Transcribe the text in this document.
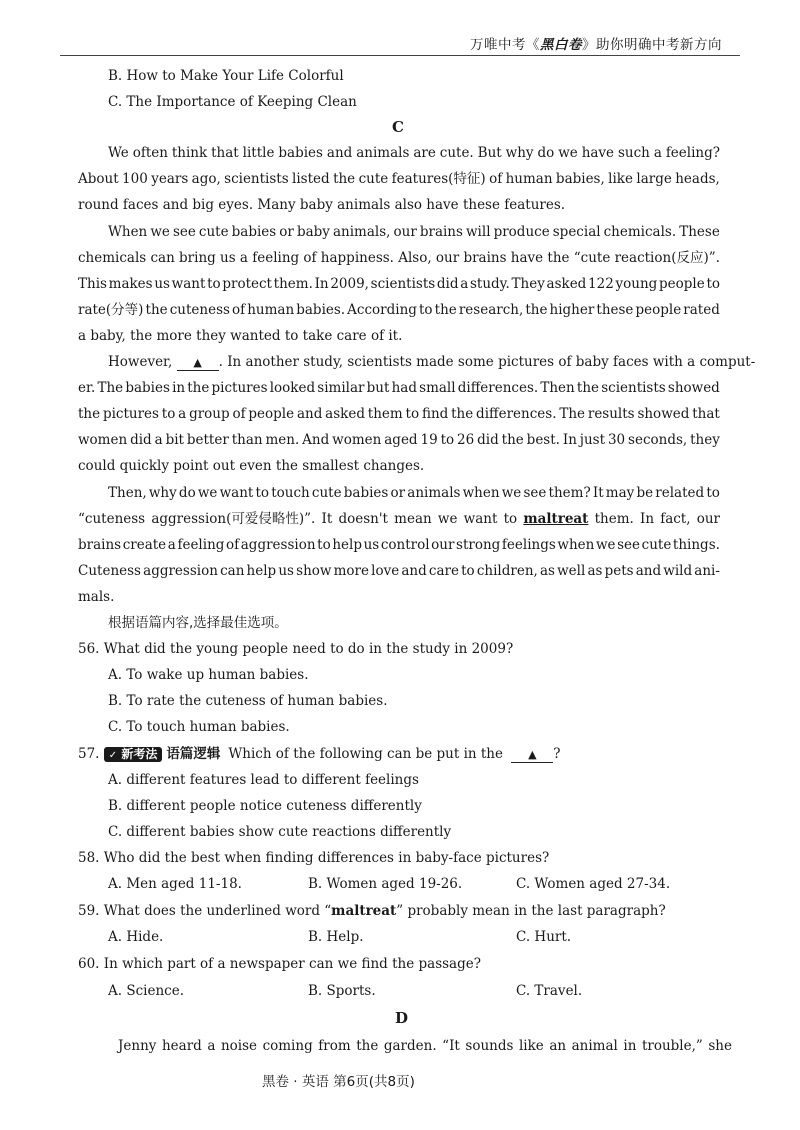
万唯中考《黑白卷》助你明确中考新方向
B. How to Make Your Life Colorful
C. The Importance of Keeping Clean
C
We often think that little babies and animals are cute. But why do we have such a feeling?
About 100 years ago, scientists listed the cute features(特征) of human babies, like large heads,
round faces and big eyes. Many baby animals also have these features.
When we see cute babies or baby animals, our brains will produce special chemicals. These
chemicals can bring us a feeling of happiness. Also, our brains have the “cute reaction(反应)”.
This makes us want to protect them. In 2009, scientists did a study. They asked 122 young people to
rate(分等) the cuteness of human babies. According to the research, the higher these people rated
a baby, the more they wanted to take care of it.
However, ▲ . In another study, scientists made some pictures of baby faces with a comput-
er. The babies in the pictures looked similar but had small differences. Then the scientists showed
the pictures to a group of people and asked them to find the differences. The results showed that
women did a bit better than men. And women aged 19 to 26 did the best. In just 30 seconds, they
could quickly point out even the smallest changes.
Then, why do we want to touch cute babies or animals when we see them? It may be related to
“cuteness aggression(可爱侵略性)”. It doesn't mean we want to maltreat them. In fact, our
brains create a feeling of aggression to help us control our strong feelings when we see cute things.
Cuteness aggression can help us show more love and care to children, as well as pets and wild ani-
mals.
根据语篇内容,选择最佳选项。
56. What did the young people need to do in the study in 2009?
A. To wake up human babies.
B. To rate the cuteness of human babies.
C. To touch human babies.
57. ✓ 新考法 语篇逻辑 Which of the following can be put in the ▲ ?
A. different features lead to different feelings
B. different people notice cuteness differently
C. different babies show cute reactions differently
58. Who did the best when finding differences in baby-face pictures?
A. Men aged 11-18.	B. Women aged 19-26.	C. Women aged 27-34.
59. What does the underlined word “maltreat” probably mean in the last paragraph?
A. Hide.	B. Help.	C. Hurt.
60. In which part of a newspaper can we find the passage?
A. Science.	B. Sports.	C. Travel.
D
Jenny heard a noise coming from the garden. “It sounds like an animal in trouble,” she
黑卷 · 英语 第6页(共8页)
